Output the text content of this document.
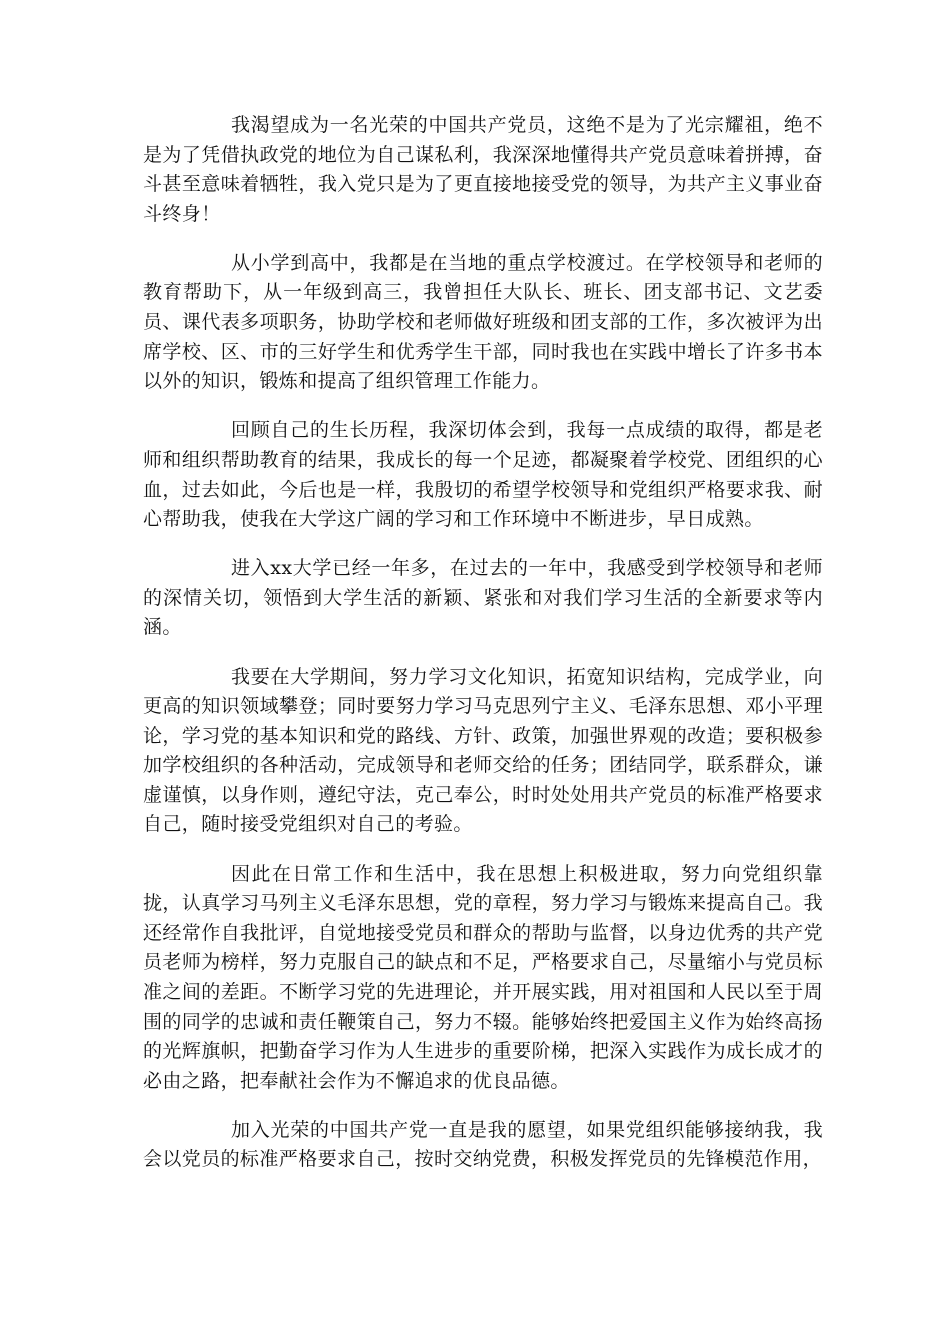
我渴望成为一名光荣的中国共产党员，这绝不是为了光宗耀祖，绝不是为了凭借执政党的地位为自己谋私利，我深深地懂得共产党员意味着拼搏，奋斗甚至意味着牺牲，我入党只是为了更直接地接受党的领导，为共产主义事业奋斗终身！

从小学到高中，我都是在当地的重点学校渡过。在学校领导和老师的教育帮助下，从一年级到高三，我曾担任大队长、班长、团支部书记、文艺委员、课代表多项职务，协助学校和老师做好班级和团支部的工作，多次被评为出席学校、区、市的三好学生和优秀学生干部，同时我也在实践中增长了许多书本以外的知识，锻炼和提高了组织管理工作能力。

回顾自己的生长历程，我深切体会到，我每一点成绩的取得，都是老师和组织帮助教育的结果，我成长的每一个足迹，都凝聚着学校党、团组织的心血，过去如此，今后也是一样，我殷切的希望学校领导和党组织严格要求我、耐心帮助我，使我在大学这广阔的学习和工作环境中不断进步，早日成熟。

进入xx大学已经一年多，在过去的一年中，我感受到学校领导和老师的深情关切，领悟到大学生活的新颖、紧张和对我们学习生活的全新要求等内涵。

我要在大学期间，努力学习文化知识，拓宽知识结构，完成学业，向更高的知识领域攀登；同时要努力学习马克思列宁主义、毛泽东思想、邓小平理论，学习党的基本知识和党的路线、方针、政策，加强世界观的改造；要积极参加学校组织的各种活动，完成领导和老师交给的任务；团结同学，联系群众，谦虚谨慎，以身作则，遵纪守法，克己奉公，时时处处用共产党员的标准严格要求自己，随时接受党组织对自己的考验。

因此在日常工作和生活中，我在思想上积极进取，努力向党组织靠拢，认真学习马列主义毛泽东思想，党的章程，努力学习与锻炼来提高自己。我还经常作自我批评，自觉地接受党员和群众的帮助与监督，以身边优秀的共产党员老师为榜样，努力克服自己的缺点和不足，严格要求自己，尽量缩小与党员标准之间的差距。不断学习党的先进理论，并开展实践，用对祖国和人民以至于周围的同学的忠诚和责任鞭策自己，努力不辍。能够始终把爱国主义作为始终高扬的光辉旗帜，把勤奋学习作为人生进步的重要阶梯，把深入实践作为成长成才的必由之路，把奉献社会作为不懈追求的优良品德。

加入光荣的中国共产党一直是我的愿望，如果党组织能够接纳我，我会以党员的标准严格要求自己，按时交纳党费，积极发挥党员的先锋模范作用，
